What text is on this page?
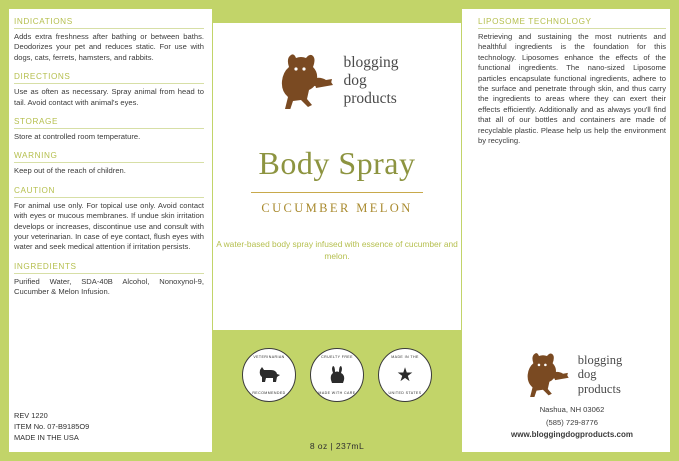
INDICATIONS

Adds extra freshness after bathing or between baths. Deodorizes your pet and reduces static. For use with dogs, cats, ferrets, hamsters, and rabbits.

DIRECTIONS

Use as often as necessary. Spray animal from head to tail. Avoid contact with animal's eyes.

STORAGE

Store at controlled room temperature.

WARNING

Keep out of the reach of children.

CAUTION

For animal use only. For topical use only. Avoid contact with eyes or mucous membranes. If undue skin irritation develops or increases, discontinue use and consult with your veterinarian. In case of eye contact, flush eyes with water and seek medical attention if irritation persists.

INGREDIENTS

Purified Water, SDA-40B Alcohol, Nonoxynol-9, Cucumber & Melon Infusion.

blogging
dog
products
Body Spray
CUCUMBER MELON
A water-based body spray infused with essence of cucumber and melon.
VETERINARIAN
RECOMMENDED
CRUELTY FREE
MADE WITH CARE
MADE IN THE
★
UNITED STATES
8 oz | 237mL
LIPOSOME TECHNOLOGY

Retrieving and sustaining the most nutrients and healthful ingredients is the foundation for this technology. Liposomes enhance the effects of the functional ingredients. The nano-sized Liposome particles encapsulate functional ingredients, adhere to the surface and penetrate through skin, and thus carry the ingredients to areas where they can exert their effects efficiently. Additionally and as always you'll find that all of our bottles and containers are made of recyclable plastic. Please help us help the environment by recycling.

blogging
dog
products
Nashua, NH 03062
(585) 729-8776
www.bloggingdogproducts.com
REV 1220
ITEM No. 07-B9185O9
MADE IN THE USA
